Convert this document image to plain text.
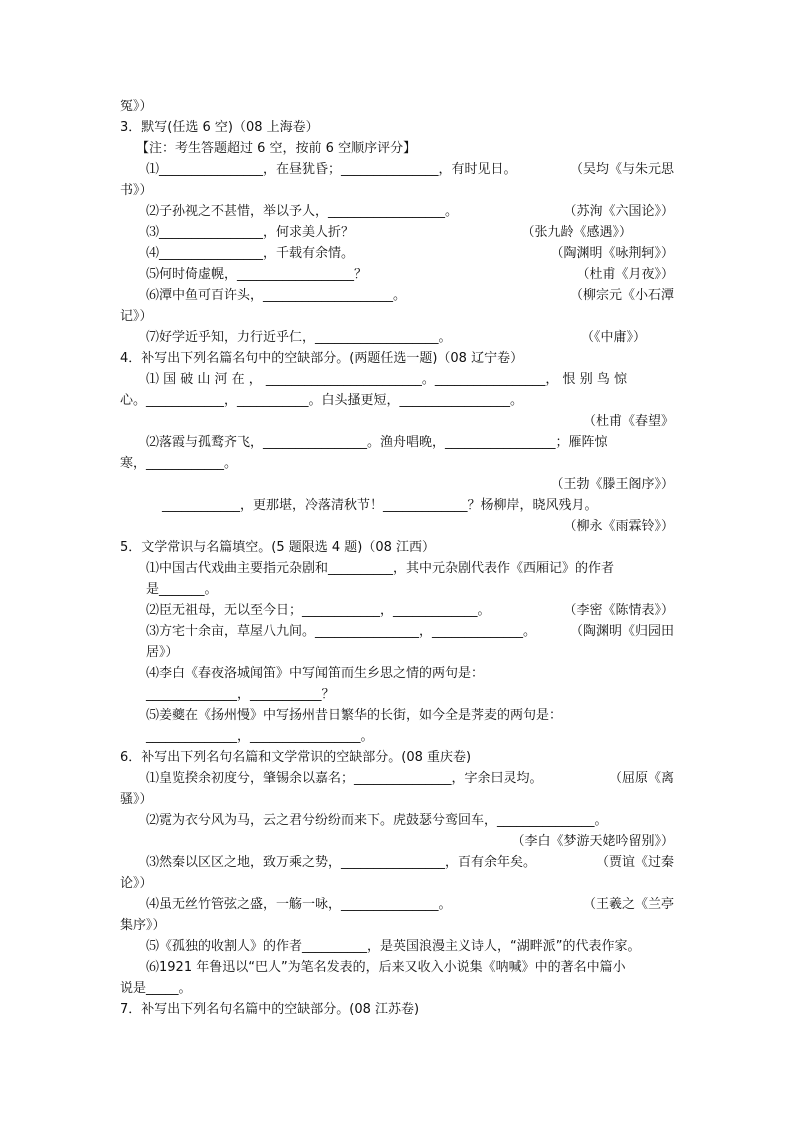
冤》）
3．默写(任选 6 空)（08 上海卷）
【注：考生答题超过 6 空，按前 6 空顺序评分】
⑴________________，在昼犹昏；_______________，有时见日。	（吴均《与朱元思
书》）
⑵子孙视之不甚惜，举以予人，__________________。	（苏洵《六国论》）
⑶________________，何求美人折？	（张九龄《感遇》）
⑷________________，千载有余情。	（陶渊明《咏荆轲》）
⑸何时倚虚幌，__________________？	（杜甫《月夜》）
⑹潭中鱼可百许头，____________________。	（柳宗元《小石潭
记》）
⑺好学近乎知，力行近乎仁，___________________。	（《中庸》）
4．补写出下列名篇名句中的空缺部分。(两题任选一题)（08 辽宁卷）
⑴ 国 破 山 河 在 ， ________________________。_________________， 恨 别 鸟 惊
心。____________，___________。白头搔更短，_________________。
（杜甫《春望》
⑵落霞与孤鹜齐飞，________________。渔舟唱晚，_________________；雁阵惊
寒，____________。
（王勃《滕王阁序》）
____________，更那堪，冷落清秋节！_____________？杨柳岸，晓风残月。
（柳永《雨霖铃》）
5．文学常识与名篇填空。(5 题限选 4 题)（08 江西）
⑴中国古代戏曲主要指元杂剧和__________，其中元杂剧代表作《西厢记》的作者
是_______。
⑵臣无祖母，无以至今日；____________，_____________。	（李密《陈情表》）
⑶方宅十余亩，草屋八九间。________________，______________。	（陶渊明《归园田
居》）
⑷李白《春夜洛城闻笛》中写闻笛而生乡思之情的两句是：
______________，___________？
⑸姜夔在《扬州慢》中写扬州昔日繁华的长街，如今全是荠麦的两句是：
______________，_________________。
6．补写出下列名句名篇和文学常识的空缺部分。(08 重庆卷)
⑴皇览揆余初度兮，肇锡余以嘉名；_______________，字余曰灵均。	（屈原《离
骚》）
⑵霓为衣兮风为马，云之君兮纷纷而来下。虎鼓瑟兮鸾回车，_______________。
（李白《梦游天姥吟留别》）
⑶然秦以区区之地，致万乘之势，________________，百有余年矣。	（贾谊《过秦
论》）
⑷虽无丝竹管弦之盛，一觞一咏，_______________。	（王羲之《兰亭
集序》）
⑸《孤独的收割人》的作者__________，是英国浪漫主义诗人，“湖畔派”的代表作家。
⑹1921 年鲁迅以“巴人”为笔名发表的，后来又收入小说集《呐喊》中的著名中篇小
说是_____。
7．补写出下列名句名篇中的空缺部分。(08 江苏卷)
